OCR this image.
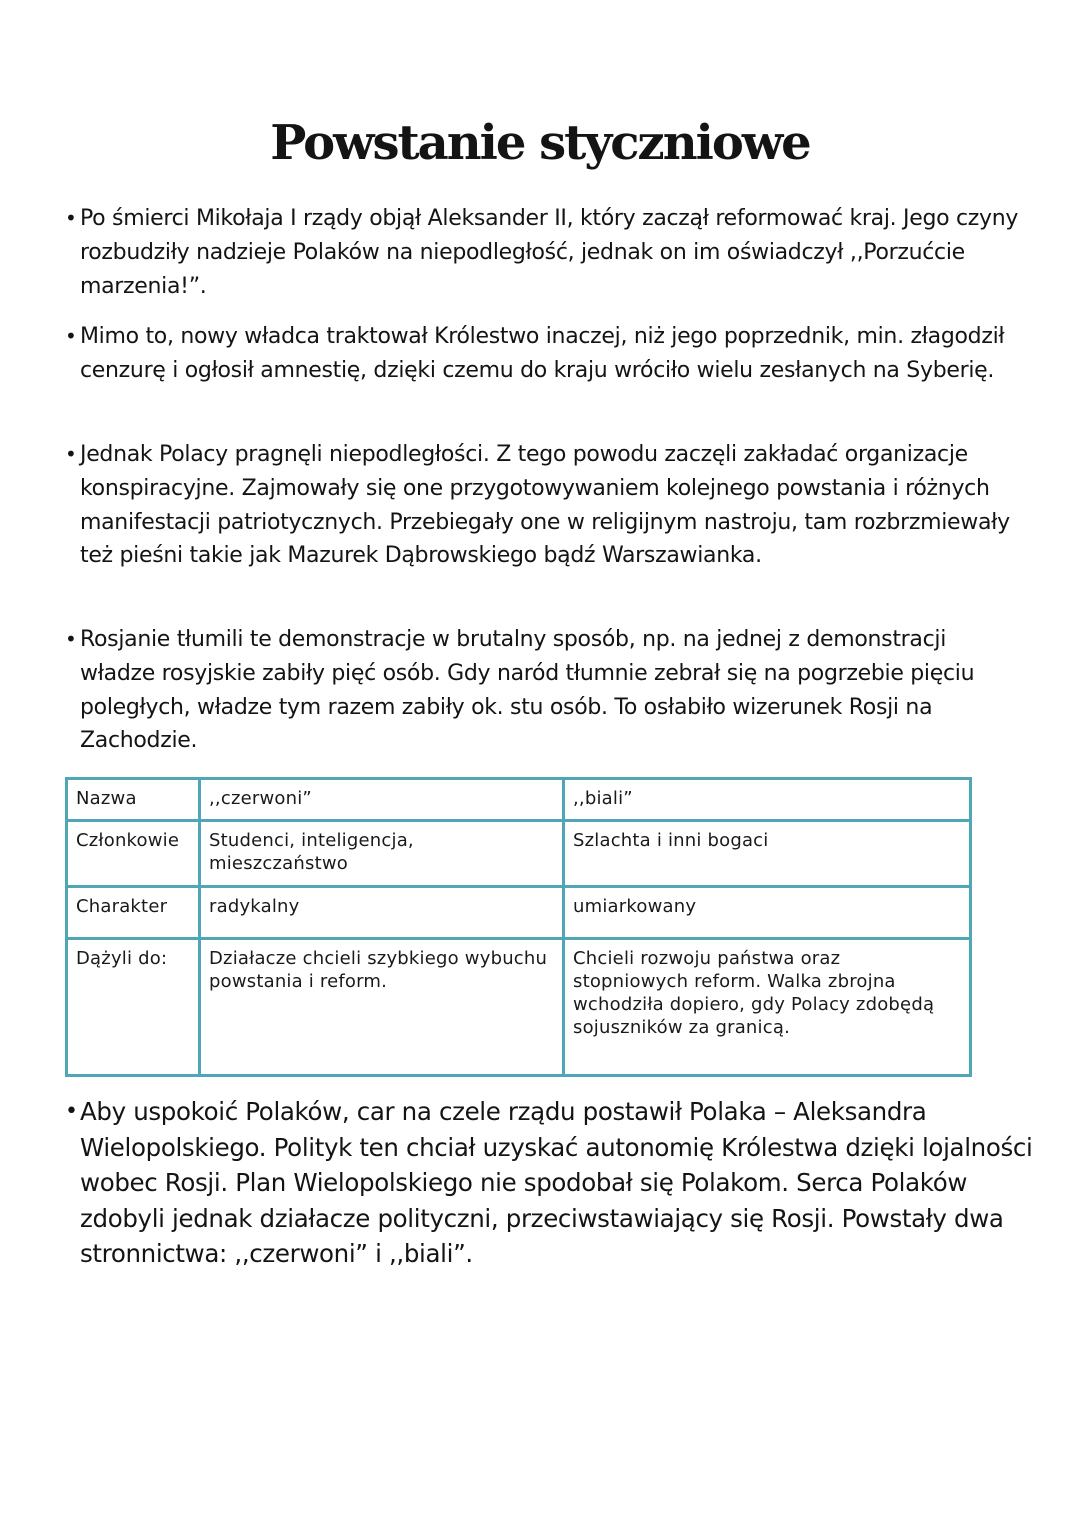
Powstanie styczniowe
• Po śmierci Mikołaja I rządy objął Aleksander II, który zaczął reformować kraj. Jego czyny rozbudziły nadzieje Polaków na niepodległość, jednak on im oświadczył ,,Porzućcie marzenia!”.
• Mimo to, nowy władca traktował Królestwo inaczej, niż jego poprzednik, min. złagodził cenzurę i ogłosił amnestię, dzięki czemu do kraju wróciło wielu zesłanych na Syberię.
• Jednak Polacy pragnęli niepodległości. Z tego powodu zaczęli zakładać organizacje konspiracyjne. Zajmowały się one przygotowywaniem kolejnego powstania i różnych manifestacji patriotycznych. Przebiegały one w religijnym nastroju, tam rozbrzmiewały też pieśni takie jak Mazurek Dąbrowskiego bądź Warszawianka.
• Rosjanie tłumili te demonstracje w brutalny sposób, np. na jednej z demonstracji władze rosyjskie zabiły pięć osób. Gdy naród tłumnie zebrał się na pogrzebie pięciu poległych, władze tym razem zabiły ok. stu osób. To osłabiło wizerunek Rosji na Zachodzie.
Nazwa	,,czerwoni”	,,biali”
Członkowie	Studenci, inteligencja, mieszczaństwo	Szlachta i inni bogaci
Charakter	radykalny	umiarkowany
Dążyli do:	Działacze chcieli szybkiego wybuchu powstania i reform.	Chcieli rozwoju państwa oraz stopniowych reform. Walka zbrojna wchodziła dopiero, gdy Polacy zdobędą sojuszników za granicą.
• Aby uspokoić Polaków, car na czele rządu postawił Polaka – Aleksandra Wielopolskiego. Polityk ten chciał uzyskać autonomię Królestwa dzięki lojalności wobec Rosji. Plan Wielopolskiego nie spodobał się Polakom. Serca Polaków zdobyli jednak działacze polityczni, przeciwstawiający się Rosji. Powstały dwa stronnictwa: ,,czerwoni” i ,,biali”.
